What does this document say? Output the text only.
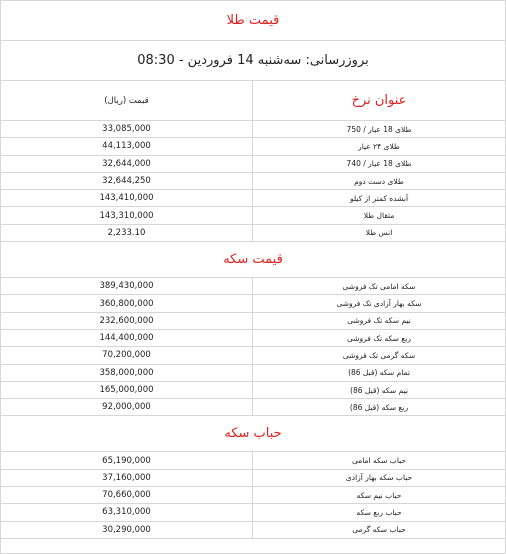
قیمت طلا
بروزرسانی: سه‌شنبه 14 فروردین - 08:30
قیمت (ریال)	عنوان نرخ
33,085,000	طلای 18 عیار / 750
44,113,000	طلای ۲۴ عیار
32,644,000	طلای 18 عیار / 740
32,644,250	طلای دست دوم
143,410,000	آبشده کمتر از کیلو
143,310,000	مثقال طلا
2,233.10	انس طلا
قیمت سکه
389,430,000	سکه امامی تک فروشی
360,800,000	سکه بهار آزادی تک فروشی
232,600,000	نیم سکه تک فروشی
144,400,000	ربع سکه تک فروشی
70,200,000	سکه گرمی تک فروشی
358,000,000	تمام سکه (قبل 86)
165,000,000	نیم سکه (قبل 86)
92,000,000	ربع سکه (قبل 86)
حباب سکه
65,190,000	حباب سکه امامی
37,160,000	حباب سکه بهار آزادی
70,660,000	حباب نیم سکه
63,310,000	حباب ربع سکه
30,290,000	حباب سکه گرمی
